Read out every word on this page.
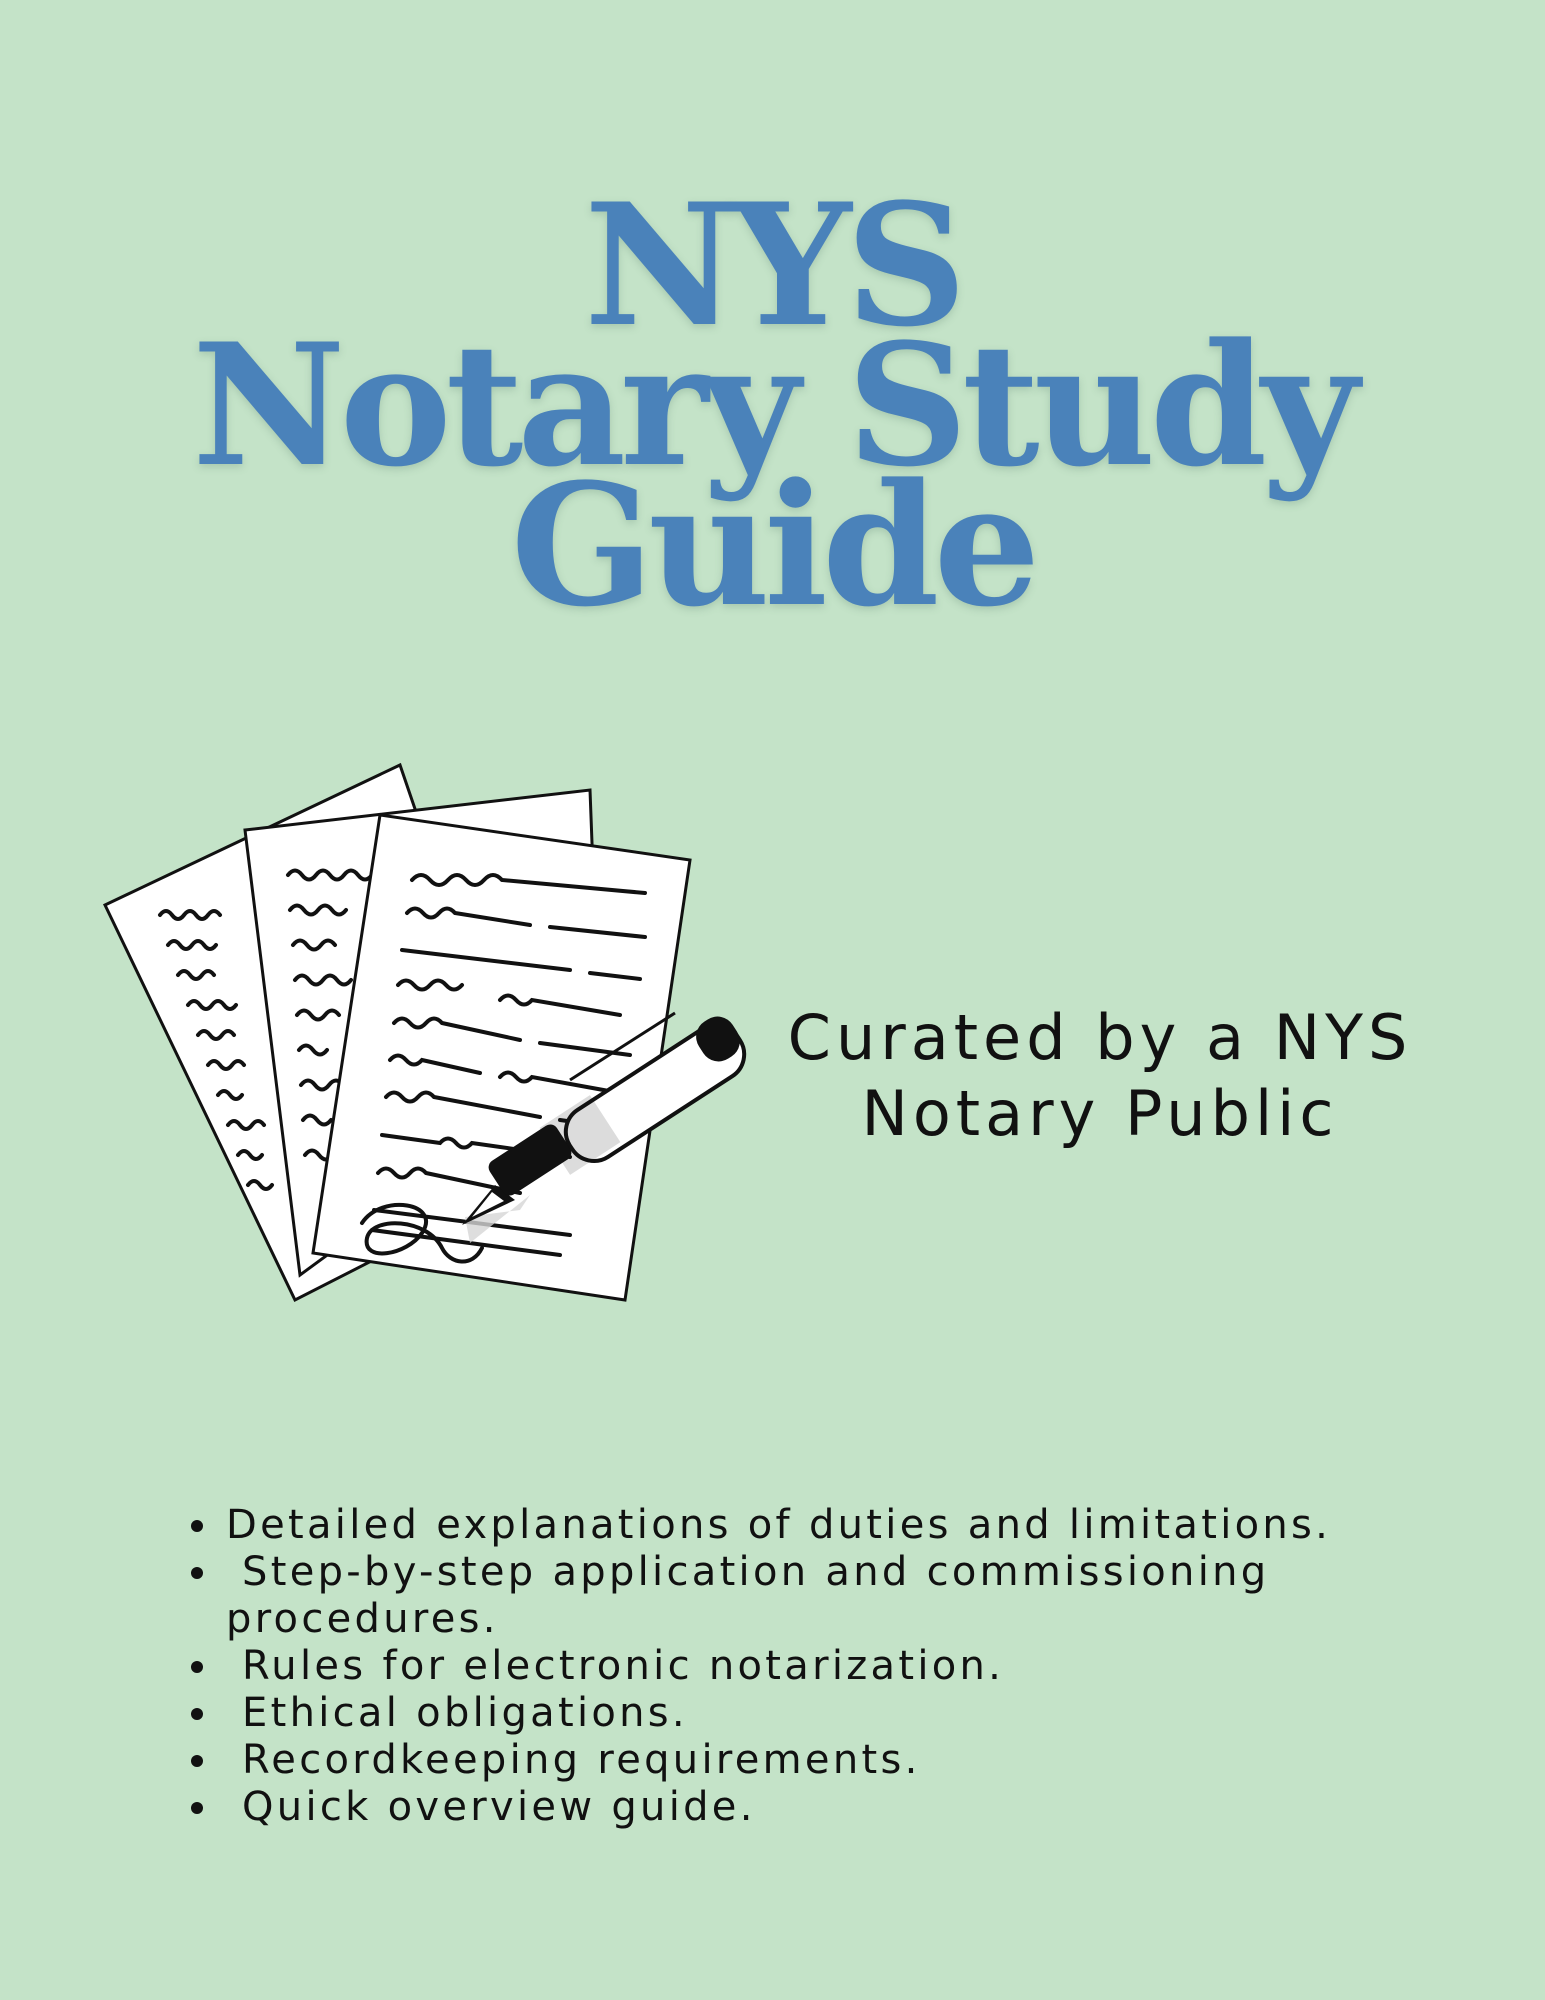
NYS
Notary Study
Guide
Curated by a NYS
Notary Public
• Detailed explanations of duties and limitations.
•  Step-by-step application and commissioning procedures.
•  Rules for electronic notarization.
•  Ethical obligations.
•  Recordkeeping requirements.
•  Quick overview guide.
